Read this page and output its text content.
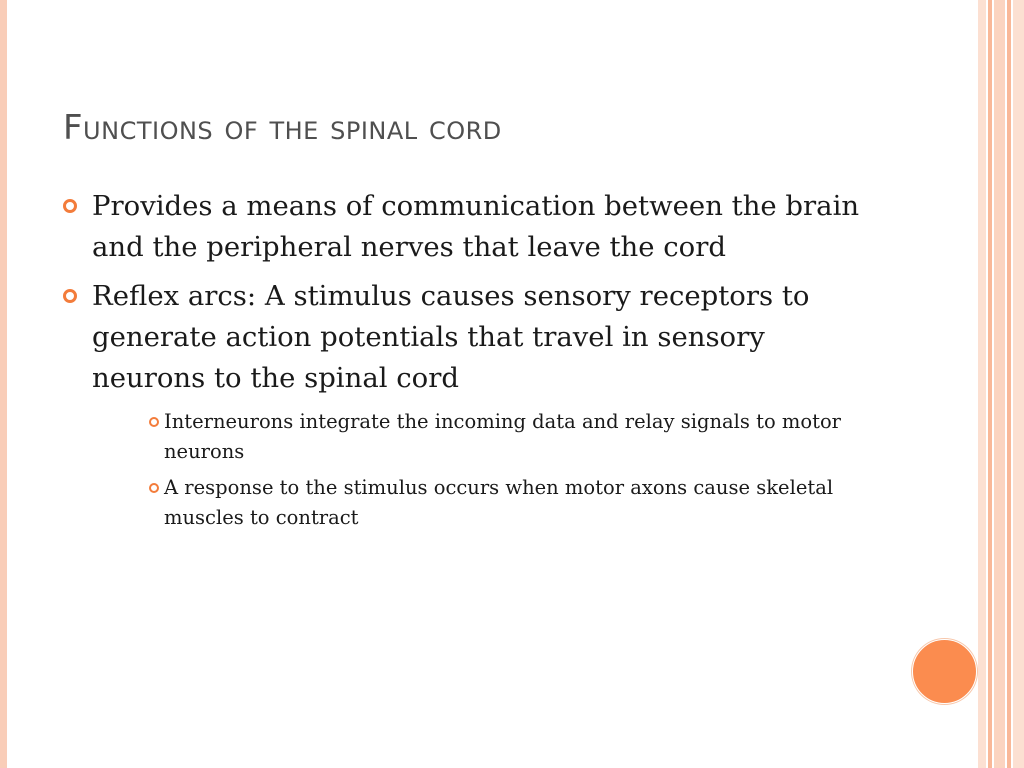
Functions of the spinal cord
Provides a means of communication between the brain and the peripheral nerves that leave the cord
Reflex arcs: A stimulus causes sensory receptors to generate action potentials that travel in sensory neurons to the spinal cord
Interneurons integrate the incoming data and relay signals to motor neurons
A response to the stimulus occurs when motor axons cause skeletal muscles to contract
